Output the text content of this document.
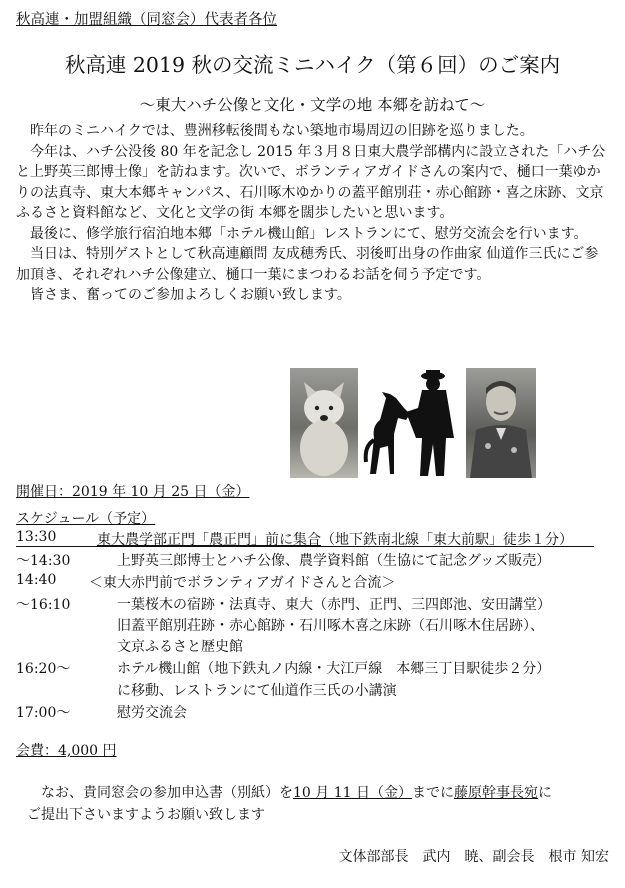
秋高連・加盟組織（同窓会）代表者各位
秋高連 2019 秋の交流ミニハイク（第６回）のご案内
〜東大ハチ公像と文化・文学の地 本郷を訪ねて〜

昨年のミニハイクでは、豊洲移転後間もない築地市場周辺の旧跡を巡りました。

今年は、ハチ公没後 80 年を記念し 2015 年３月８日東大農学部構内に設立された「ハチ公と上野英三郎博士像」を訪ねます。次いで、ボランティアガイドさんの案内で、樋口一葉ゆかりの法真寺、東大本郷キャンパス、石川啄木ゆかりの蓋平館別荘・赤心館跡・喜之床跡、文京ふるさと資料館など、文化と文学の街 本郷を闊歩したいと思います。

最後に、修学旅行宿泊地本郷「ホテル機山館」レストランにて、慰労交流会を行います。

当日は、特別ゲストとして秋高連顧問 友成穂秀氏、羽後町出身の作曲家 仙道作三氏にご参加頂き、それぞれハチ公像建立、樋口一葉にまつわるお話を伺う予定です。

皆さま、奮ってのご参加よろしくお願い致します。

開催日：2019 年 10 月 25 日（金）
スケジュール（予定）
13:30	東大農学部正門「農正門」前に集合（地下鉄南北線「東大前駅」徒歩１分）
〜14:30	上野英三郎博士とハチ公像、農学資料館（生協にて記念グッズ販売）
14:40 ＜東大赤門前でボランティアガイドさんと合流＞
〜16:10	一葉桜木の宿跡・法真寺、東大（赤門、正門、三四郎池、安田講堂）
旧蓋平館別荘跡・赤心館跡・石川啄木喜之床跡（石川啄木住居跡）、
文京ふるさと歴史館
16:20〜	ホテル機山館（地下鉄丸ノ内線・大江戸線　本郷三丁目駅徒歩２分）
に移動、レストランにて仙道作三氏の小講演
17:00〜	慰労交流会
会費：4,000 円
なお、貴同窓会の参加申込書（別紙）を10 月 11 日（金）までに藤原幹事長宛に
ご提出下さいますようお願い致します
文体部部長　武内　暁、副会長　根市 知宏
